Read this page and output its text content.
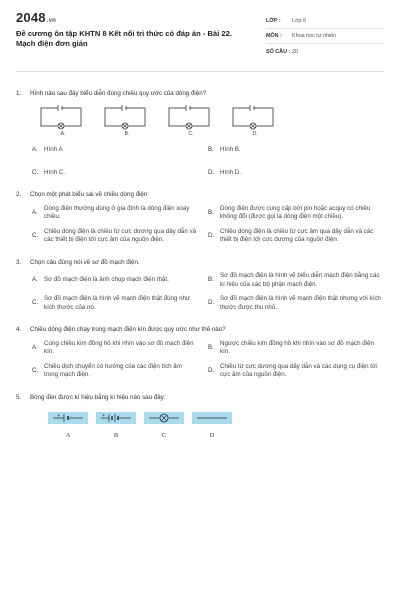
2048.vn
Đề cương ôn tập KHTN 8 Kết nối tri thức có đáp án - Bài 22. Mạch điện đơn giản
LỚP :	Lớp 8
MÔN :	Khoa học tự nhiên
SỐ CÂU : 20
1.	Hình nào sau đây biểu diễn đúng chiều quy ước của dòng điện?
A.	B.	C.	D.
A. Hình A	B. Hình B.
C. Hình C.	D. Hình D.
2.	Chọn một phát biểu sai về chiều dòng điện:
A.
Dòng điện thường dùng ở gia đình là dòng điện xoay chiều.
B.
Dòng điện được cung cấp bởi pin hoặc acquy có chiều không đổi (được gọi là dòng điện một chiều).
C.
Chiều dòng điện là chiều từ cực dương qua dây dẫn và các thiết bị điện tới cực âm của nguồn điện.
D.
Chiều dòng điện là chiều từ cực âm qua dây dẫn và các thiết bị điện tới cực dương của nguồn điện.
3.	Chọn câu đúng nói về sơ đồ mạch điện.
A. Sơ đồ mạch điện là ảnh chụp mạch điện thật.	B.
Sơ đồ mạch điện là hình vẽ biểu diễn mạch điện bằng các kí hiệu của các bộ phận mạch điện.
C.
Sơ đồ mạch điện là hình vẽ mạch điện thật đúng như kích thước của nó.
D.
Sơ đồ mạch điện là hình vẽ mạch điện thật nhưng với kích thước được thu nhỏ.
4.	Chiều dòng điện chạy trong mạch điện kín được quy ước như thế nào?
A.
Cùng chiều kim đồng hồ khi nhìn vào sơ đồ mạch điện kín.
B.
Ngược chiều kim đồng hồ khi nhìn vào sơ đồ mạch điện kín.
C.
Chiều dịch chuyển có hướng của các điện tích âm trong mạch điện.
D.
Chiều từ cực dương qua dây dẫn và các dụng cụ điện tới cực âm của nguồn điện.
5.	Bóng đèn được kí hiệu bằng kí hiệu nào sau đây:
+
A
+
B	C	D
